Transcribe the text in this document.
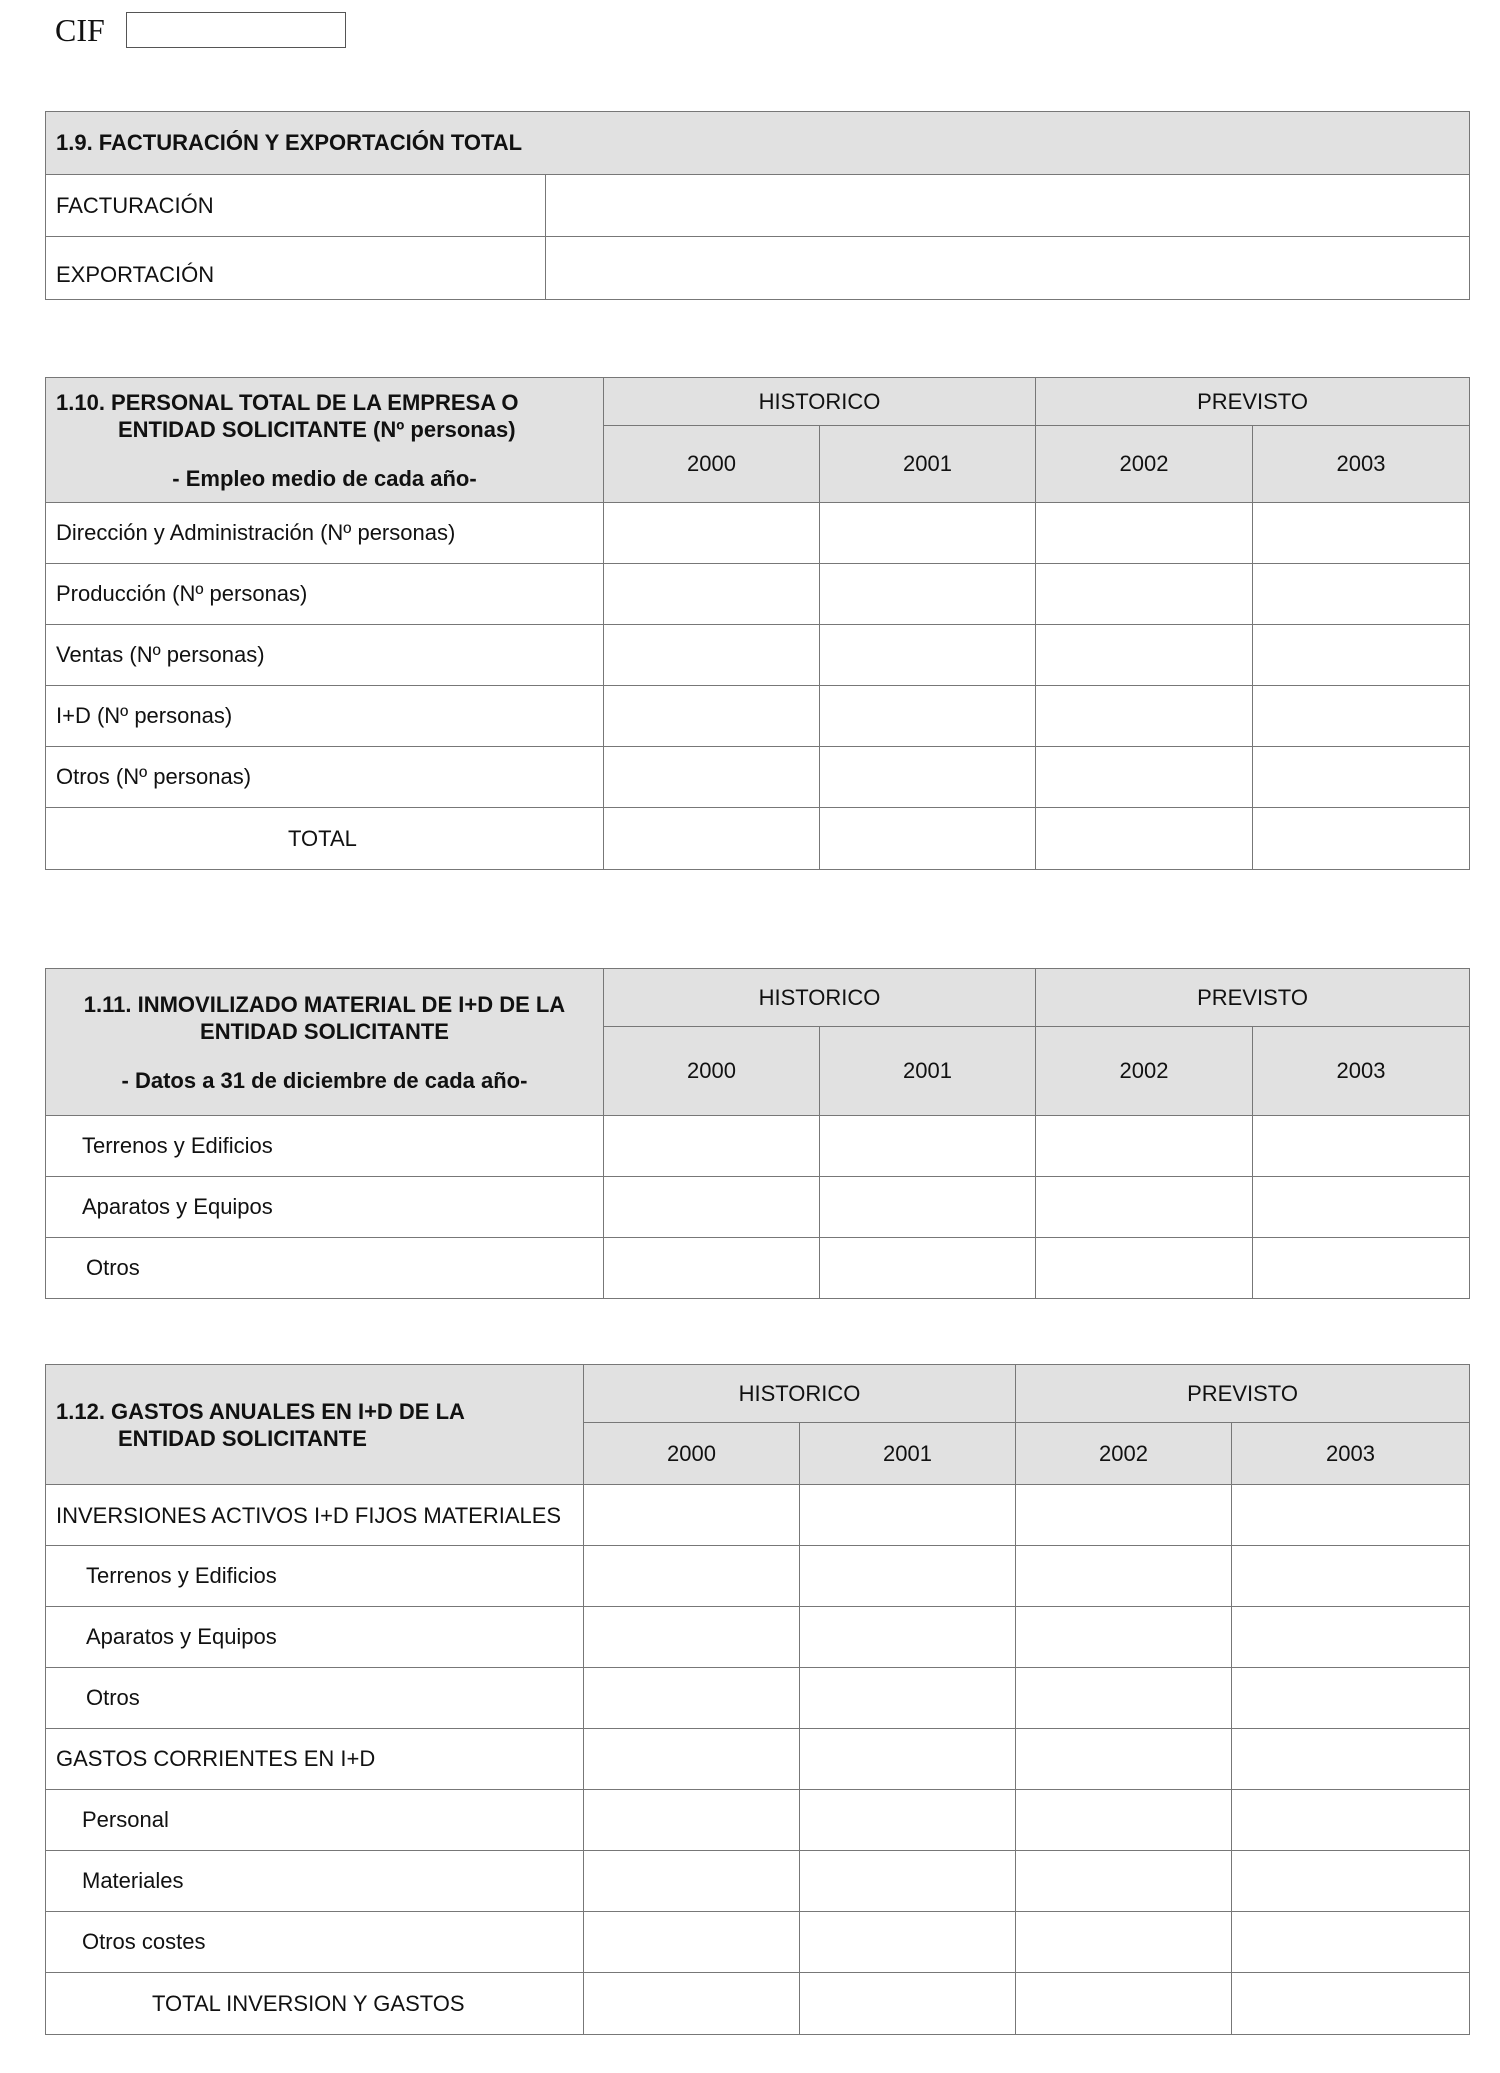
CIF
1.9. FACTURACIÓN Y EXPORTACIÓN TOTAL	
FACTURACIÓN	
EXPORTACIÓN	
1.10. PERSONAL TOTAL DE LA EMPRESA O
ENTIDAD SOLICITANTE (Nº personas)
- Empleo medio de cada año-	HISTORICO		PREVISTO	
	2000	2001	2002	2003
Dirección y Administración (Nº personas)				
Producción (Nº personas)				
Ventas (Nº personas)				
I+D (Nº personas)				
Otros (Nº personas)				
TOTAL				
1.11. INMOVILIZADO MATERIAL DE I+D DE LA
ENTIDAD SOLICITANTE
- Datos a 31 de diciembre de cada año-	HISTORICO		PREVISTO	
	2000	2001	2002	2003
Terrenos y Edificios				
Aparatos y Equipos				
Otros				
1.12. GASTOS ANUALES EN I+D DE LA
ENTIDAD SOLICITANTE	HISTORICO		PREVISTO	
	2000	2001	2002	2003
INVERSIONES ACTIVOS I+D FIJOS MATERIALES				
Terrenos y Edificios				
Aparatos y Equipos				
Otros				
GASTOS CORRIENTES EN I+D				
Personal				
Materiales				
Otros costes				
TOTAL INVERSION Y GASTOS				
